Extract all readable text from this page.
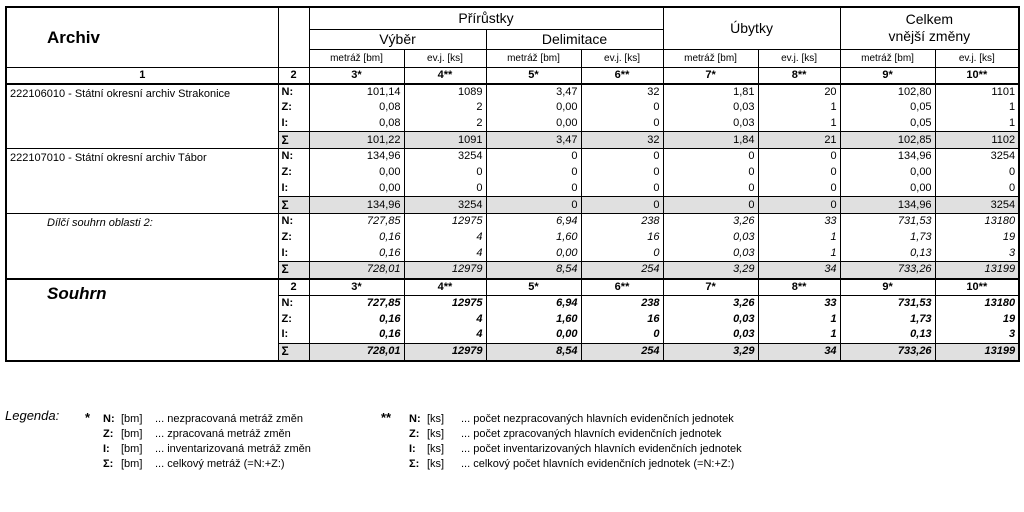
Archiv		Přírůstky				Úbytky		Celkem
vnější změny	

		Výběr		Delimitace					
		metráž [bm]	ev.j. [ks]	metráž [bm]	ev.j. [ks]	metráž [bm]	ev.j. [ks]	metráž [bm]	ev.j. [ks]
1	2	3*	4**	5*	6**	7*	8**	9*	10**
222106010 - Státní okresní archiv Strakonice	N:	101,14	1089	3,47	32	1,81	20	102,80	1101
	Z:	0,08	2	0,00	0	0,03	1	0,05	1
	I:	0,08	2	0,00	0	0,03	1	0,05	1
	Σ	101,22	1091	3,47	32	1,84	21	102,85	1102
222107010 - Státní okresní archiv Tábor	N:	134,96	3254	0	0	0	0	134,96	3254
	Z:	0,00	0	0	0	0	0	0,00	0
	I:	0,00	0	0	0	0	0	0,00	0
	Σ	134,96	3254	0	0	0	0	134,96	3254
Dílčí souhrn oblasti 2:	N:	727,85	12975	6,94	238	3,26	33	731,53	13180
	Z:	0,16	4	1,60	16	0,03	1	1,73	19
	I:	0,16	4	0,00	0	0,03	1	0,13	3
	Σ	728,01	12979	8,54	254	3,29	34	733,26	13199
Souhrn	2	3*	4**	5*	6**	7*	8**	9*	10**
	N:	727,85	12975	6,94	238	3,26	33	731,53	13180
	Z:	0,16	4	1,60	16	0,03	1	1,73	19
	I:	0,16	4	0,00	0	0,03	1	0,13	3
	Σ	728,01	12979	8,54	254	3,29	34	733,26	13199
Legenda: *	**
N: [bm] ... nezpracovaná metráž změn
Z: [bm] ... zpracovaná metráž změn
I: [bm] ... inventarizovaná metráž změn
Σ: [bm] ... celkový metráž (=N:+Z:)
N: [ks] ... počet nezpracovaných hlavních evidenčních jednotek
Z: [ks] ... počet zpracovaných hlavních evidenčních jednotek
I: [ks] ... počet inventarizovaných hlavních evidenčních jednotek
Σ: [ks] ... celkový počet hlavních evidenčních jednotek (=N:+Z:)
